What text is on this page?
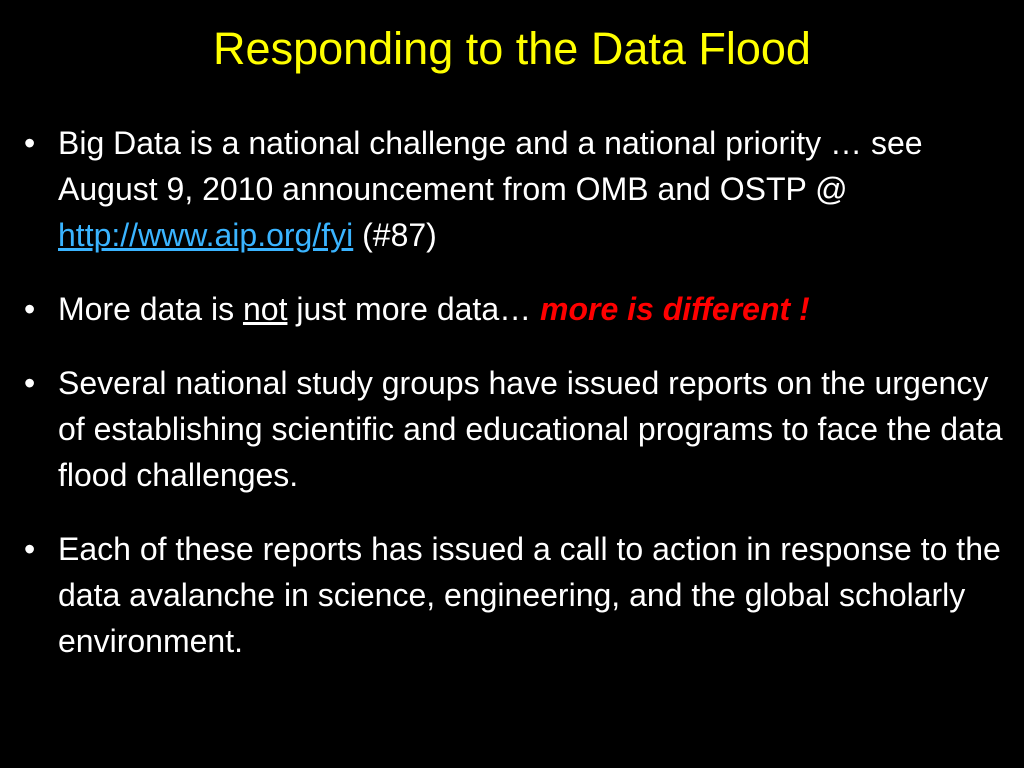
Responding to the Data Flood
• Big Data is a national challenge and a national priority … see August 9, 2010 announcement from OMB and OSTP @ http://www.aip.org/fyi (#87)
• More data is not just more data… more is different !
• Several national study groups have issued reports on the urgency of establishing scientific and educational programs to face the data flood challenges.
• Each of these reports has issued a call to action in response to the data avalanche in science, engineering, and the global scholarly environment.
